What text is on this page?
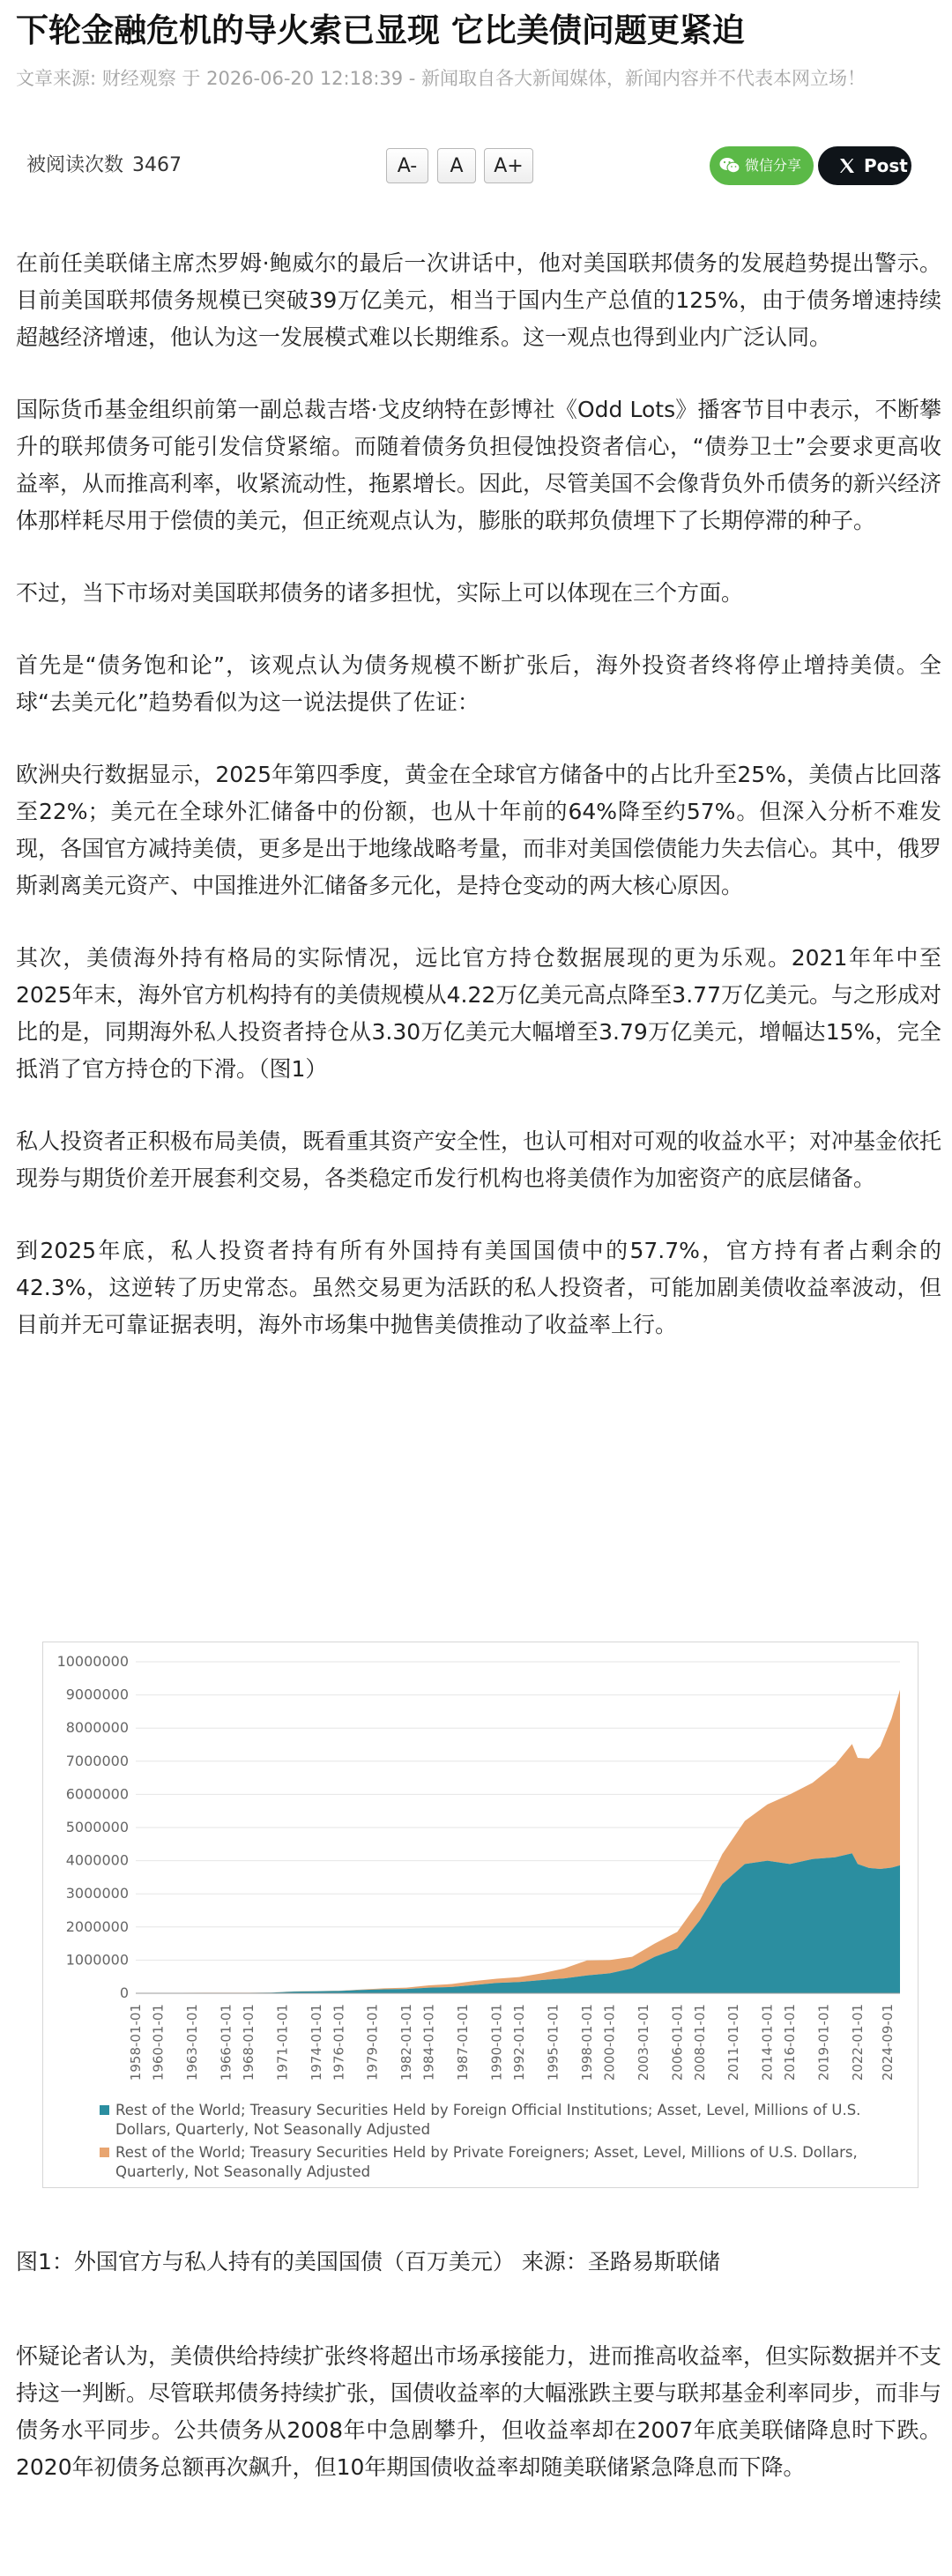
下轮金融危机的导火索已显现 它比美债问题更紧迫
文章来源: 财经观察 于 2026-06-20 12:18:39 - 新闻取自各大新闻媒体，新闻内容并不代表本网立场！
被阅读次数 3467	A-	A	A+	微信分享	Post

在前任美联储主席杰罗姆·鲍威尔的最后一次讲话中，他对美国联邦债务的发展趋势提出警示。目前美国联邦债务规模已突破39万亿美元，相当于国内生产总值的125%，由于债务增速持续超越经济增速，他认为这一发展模式难以长期维系。这一观点也得到业内广泛认同。

国际货币基金组织前第一副总裁吉塔·戈皮纳特在彭博社《Odd Lots》播客节目中表示，不断攀升的联邦债务可能引发信贷紧缩。而随着债务负担侵蚀投资者信心，“债券卫士”会要求更高收益率，从而推高利率，收紧流动性，拖累增长。因此，尽管美国不会像背负外币债务的新兴经济体那样耗尽用于偿债的美元，但正统观点认为，膨胀的联邦负债埋下了长期停滞的种子。

不过，当下市场对美国联邦债务的诸多担忧，实际上可以体现在三个方面。

首先是“债务饱和论”，该观点认为债务规模不断扩张后，海外投资者终将停止增持美债。全球“去美元化”趋势看似为这一说法提供了佐证：

欧洲央行数据显示，2025年第四季度，黄金在全球官方储备中的占比升至25%，美债占比回落至22%；美元在全球外汇储备中的份额，也从十年前的64%降至约57%。但深入分析不难发现，各国官方减持美债，更多是出于地缘战略考量，而非对美国偿债能力失去信心。其中，俄罗斯剥离美元资产、中国推进外汇储备多元化，是持仓变动的两大核心原因。

其次，美债海外持有格局的实际情况，远比官方持仓数据展现的更为乐观。2021年年中至2025年末，海外官方机构持有的美债规模从4.22万亿美元高点降至3.77万亿美元。与之形成对比的是，同期海外私人投资者持仓从3.30万亿美元大幅增至3.79万亿美元，增幅达15%，完全抵消了官方持仓的下滑。（图1）

私人投资者正积极布局美债，既看重其资产安全性，也认可相对可观的收益水平；对冲基金依托现券与期货价差开展套利交易，各类稳定币发行机构也将美债作为加密资产的底层储备。

到2025年底，私人投资者持有所有外国持有美国国债中的57.7%，官方持有者占剩余的42.3%，这逆转了历史常态。虽然交易更为活跃的私人投资者，可能加剧美债收益率波动，但目前并无可靠证据表明，海外市场集中抛售美债推动了收益率上行。

0
1000000
2000000
3000000
4000000
5000000
6000000
7000000
8000000
9000000
10000000
1958-01-01 1960-01-01 1963-01-01 1966-01-01 1968-01-01 1971-01-01 1974-01-01 1976-01-01 1979-01-01 1982-01-01 1984-01-01 1987-01-01 1990-01-01 1992-01-01 1995-01-01 1998-01-01 2000-01-01 2003-01-01 2006-01-01 2008-01-01 2011-01-01 2014-01-01 2016-01-01 2019-01-01 2022-01-01 2024-09-01
Rest of the World; Treasury Securities Held by Foreign Official Institutions; Asset, Level, Millions of U.S. Dollars, Quarterly, Not Seasonally Adjusted
Rest of the World; Treasury Securities Held by Private Foreigners; Asset, Level, Millions of U.S. Dollars, Quarterly, Not Seasonally Adjusted
图1：外国官方与私人持有的美国国债（百万美元） 来源：圣路易斯联储

怀疑论者认为，美债供给持续扩张终将超出市场承接能力，进而推高收益率，但实际数据并不支持这一判断。尽管联邦债务持续扩张，国债收益率的大幅涨跌主要与联邦基金利率同步，而非与债务水平同步。公共债务从2008年中急剧攀升，但收益率却在2007年底美联储降息时下跌。2020年初债务总额再次飙升，但10年期国债收益率却随美联储紧急降息而下降。
